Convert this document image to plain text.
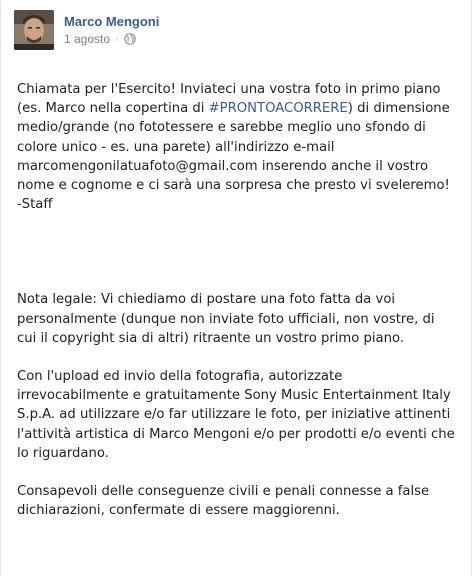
Marco Mengoni
1 agosto ·

Chiamata per l'Esercito! Inviateci una vostra foto in primo piano (es. Marco nella copertina di #PRONTOACORRERE) di dimensione medio/grande (no fototessere e sarebbe meglio uno sfondo di colore unico - es. una parete) all'indirizzo e-mail marcomengonilatuafoto@gmail.com inserendo anche il vostro nome e cognome e ci sarà una sorpresa che presto vi sveleremo! -Staff

Nota legale: Vi chiediamo di postare una foto fatta da voi personalmente (dunque non inviate foto ufficiali, non vostre, di cui il copyright sia di altri) ritraente un vostro primo piano.

Con l'upload ed invio della fotografia, autorizzate irrevocabilmente e gratuitamente Sony Music Entertainment Italy S.p.A. ad utilizzare e/o far utilizzare le foto, per iniziative attinenti l'attività artistica di Marco Mengoni e/o per prodotti e/o eventi che lo riguardano.

Consapevoli delle conseguenze civili e penali connesse a false dichiarazioni, confermate di essere maggiorenni.
